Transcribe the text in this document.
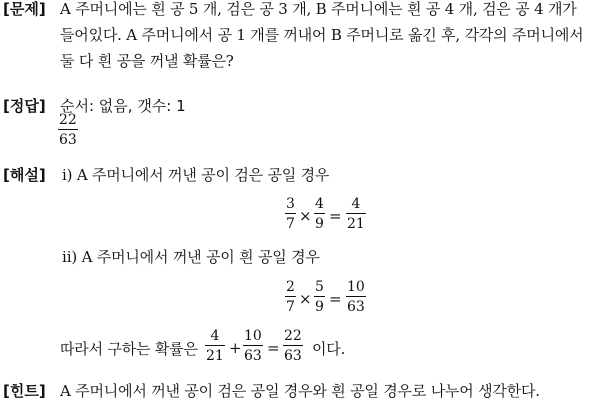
[문제] A 주머니에는 흰 공 5 개, 검은 공 3 개, B 주머니에는 흰 공 4 개, 검은 공 4 개가
들어있다. A 주머니에서 공 1 개를 꺼내어 B 주머니로 옮긴 후, 각각의 주머니에서
둘 다 흰 공을 꺼낼 확률은?
[정답] 순서: 없음, 갯수: 1
22
63
[해설] ⅰ) A 주머니에서 꺼낸 공이 검은 공일 경우
3
7 ×
4
9 =
4
21
ⅱ) A 주머니에서 꺼낸 공이 흰 공일 경우
2
7 ×
5
9 =
10
63
따라서 구하는 확률은
4
21 +
10
63 =
22
63 이다.
[힌트] A 주머니에서 꺼낸 공이 검은 공일 경우와 흰 공일 경우로 나누어 생각한다.
